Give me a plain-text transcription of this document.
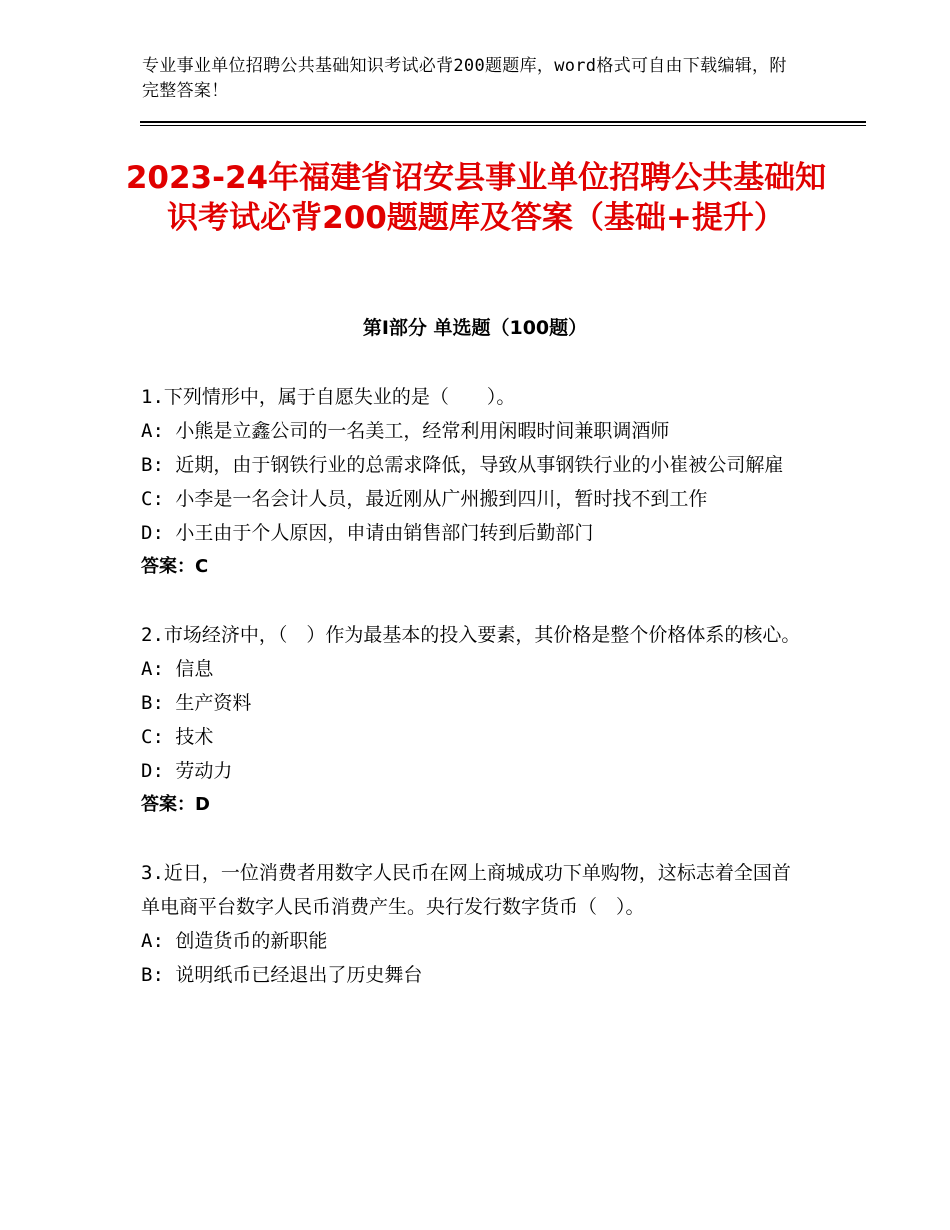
专业事业单位招聘公共基础知识考试必背200题题库，word格式可自由下载编辑，附完整答案！
2023-24年福建省诏安县事业单位招聘公共基础知识考试必背200题题库及答案（基础+提升）
第Ⅰ部分 单选题（100题）
1.下列情形中，属于自愿失业的是（　　）。
A: 小熊是立鑫公司的一名美工，经常利用闲暇时间兼职调酒师
B: 近期，由于钢铁行业的总需求降低，导致从事钢铁行业的小崔被公司解雇
C: 小李是一名会计人员，最近刚从广州搬到四川，暂时找不到工作
D: 小王由于个人原因，申请由销售部门转到后勤部门
答案：C
2.市场经济中，（　）作为最基本的投入要素，其价格是整个价格体系的核心。
A: 信息
B: 生产资料
C: 技术
D: 劳动力
答案：D
3.近日，一位消费者用数字人民币在网上商城成功下单购物，这标志着全国首单电商平台数字人民币消费产生。央行发行数字货币（　）。
A: 创造货币的新职能
B: 说明纸币已经退出了历史舞台
